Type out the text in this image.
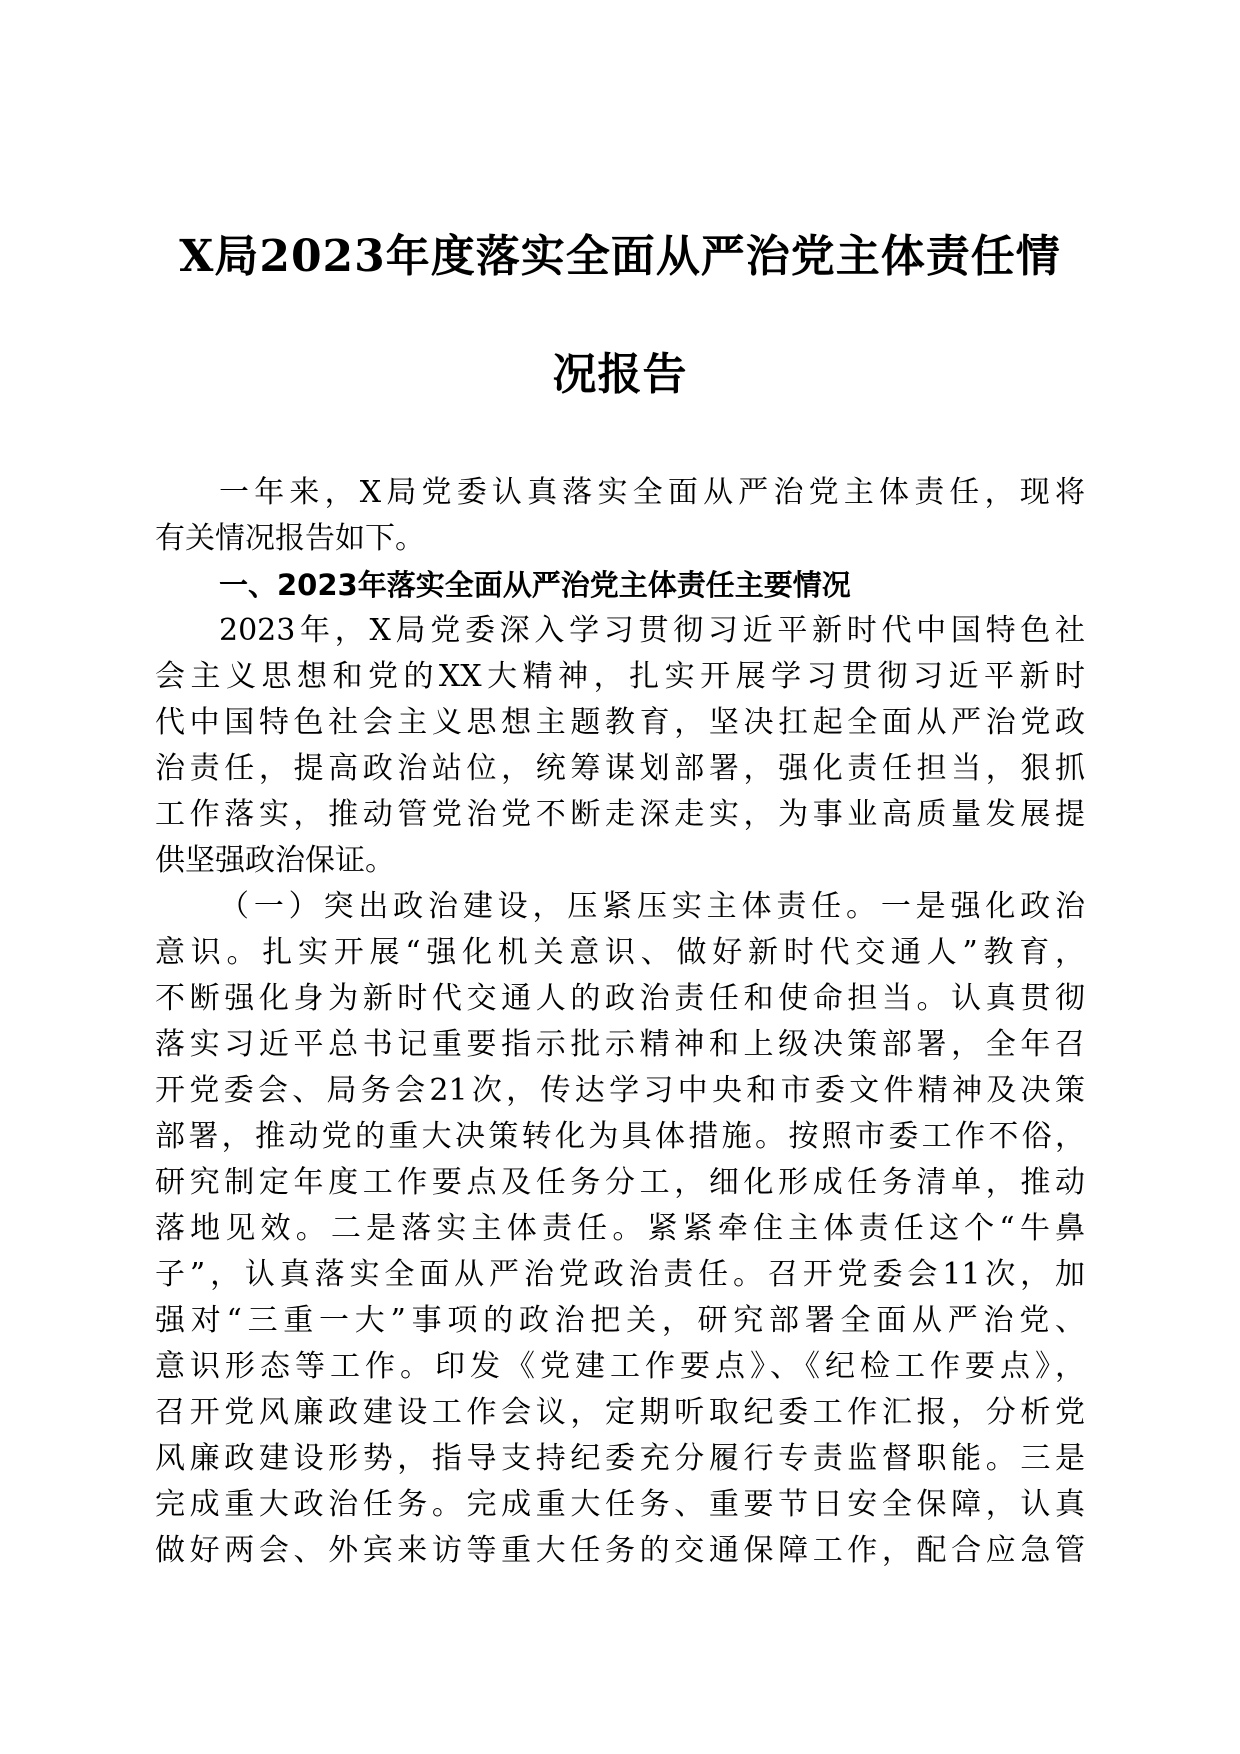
X局2023年度落实全面从严治党主体责任情
况报告
一年来，X局党委认真落实全面从严治党主体责任，现将
有关情况报告如下。
一、2023年落实全面从严治党主体责任主要情况
2023年，X局党委深入学习贯彻习近平新时代中国特色社
会主义思想和党的XX大精神，扎实开展学习贯彻习近平新时
代中国特色社会主义思想主题教育，坚决扛起全面从严治党政
治责任，提高政治站位，统筹谋划部署，强化责任担当，狠抓
工作落实，推动管党治党不断走深走实，为事业高质量发展提
供坚强政治保证。
（一）突出政治建设，压紧压实主体责任。一是强化政治
意识。扎实开展“强化机关意识、做好新时代交通人”教育，
不断强化身为新时代交通人的政治责任和使命担当。认真贯彻
落实习近平总书记重要指示批示精神和上级决策部署，全年召
开党委会、局务会21次，传达学习中央和市委文件精神及决策
部署，推动党的重大决策转化为具体措施。按照市委工作不俗，
研究制定年度工作要点及任务分工，细化形成任务清单，推动
落地见效。二是落实主体责任。紧紧牵住主体责任这个“牛鼻
子”，认真落实全面从严治党政治责任。召开党委会11次，加
强对“三重一大”事项的政治把关，研究部署全面从严治党、
意识形态等工作。印发《党建工作要点》、《纪检工作要点》，
召开党风廉政建设工作会议，定期听取纪委工作汇报，分析党
风廉政建设形势，指导支持纪委充分履行专责监督职能。三是
完成重大政治任务。完成重大任务、重要节日安全保障，认真
做好两会、外宾来访等重大任务的交通保障工作，配合应急管
